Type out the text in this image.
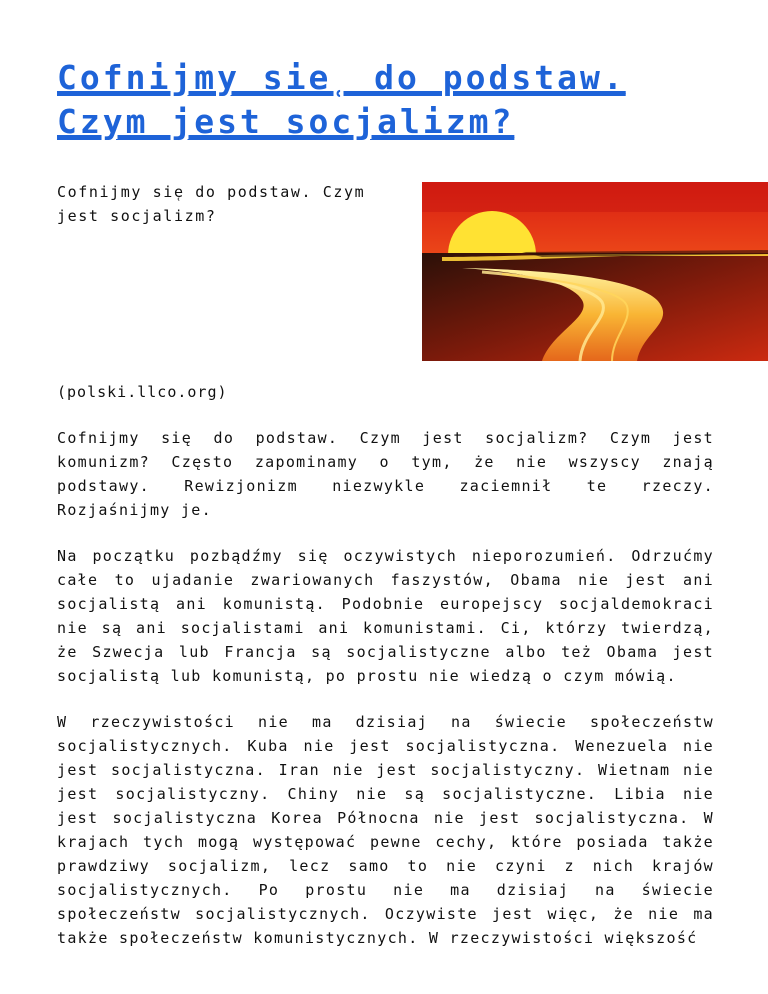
Cofnijmy sie̜ do podstaw. Czym jest socjalizm?
Cofnijmy sie̜ do podstaw. Czym jest socjalizm?
(polski.llco.org)

Cofnijmy się do podstaw. Czym jest socjalizm? Czym jest komunizm? Często zapominamy o tym, że nie wszyscy znają podstawy. Rewizjonizm niezwykle zaciemnił te rzeczy. Rozjaśnijmy je.

Na początku pozbądźmy się oczywistych nieporozumień. Odrzućmy całe to ujadanie zwariowanych faszystów, Obama nie jest ani socjalistą ani komunistą. Podobnie europejscy socjaldemokraci nie są ani socjalistami ani komunistami. Ci, którzy twierdzą, że Szwecja lub Francja są socjalistyczne albo też Obama jest socjalistą lub komunistą, po prostu nie wiedzą o czym mówią.

W rzeczywistości nie ma dzisiaj na świecie społeczeństw socjalistycznych. Kuba nie jest socjalistyczna. Wenezuela nie jest socjalistyczna. Iran nie jest socjalistyczny. Wietnam nie jest socjalistyczny. Chiny nie są socjalistyczne. Libia nie jest socjalistyczna Korea Północna nie jest socjalistyczna. W krajach tych mogą występować pewne cechy, które posiada także prawdziwy socjalizm, lecz samo to nie czyni z nich krajów socjalistycznych. Po prostu nie ma dzisiaj na świecie społeczeństw socjalistycznych. Oczywiste jest więc, że nie ma także społeczeństw komunistycznych. W rzeczywistości większość
